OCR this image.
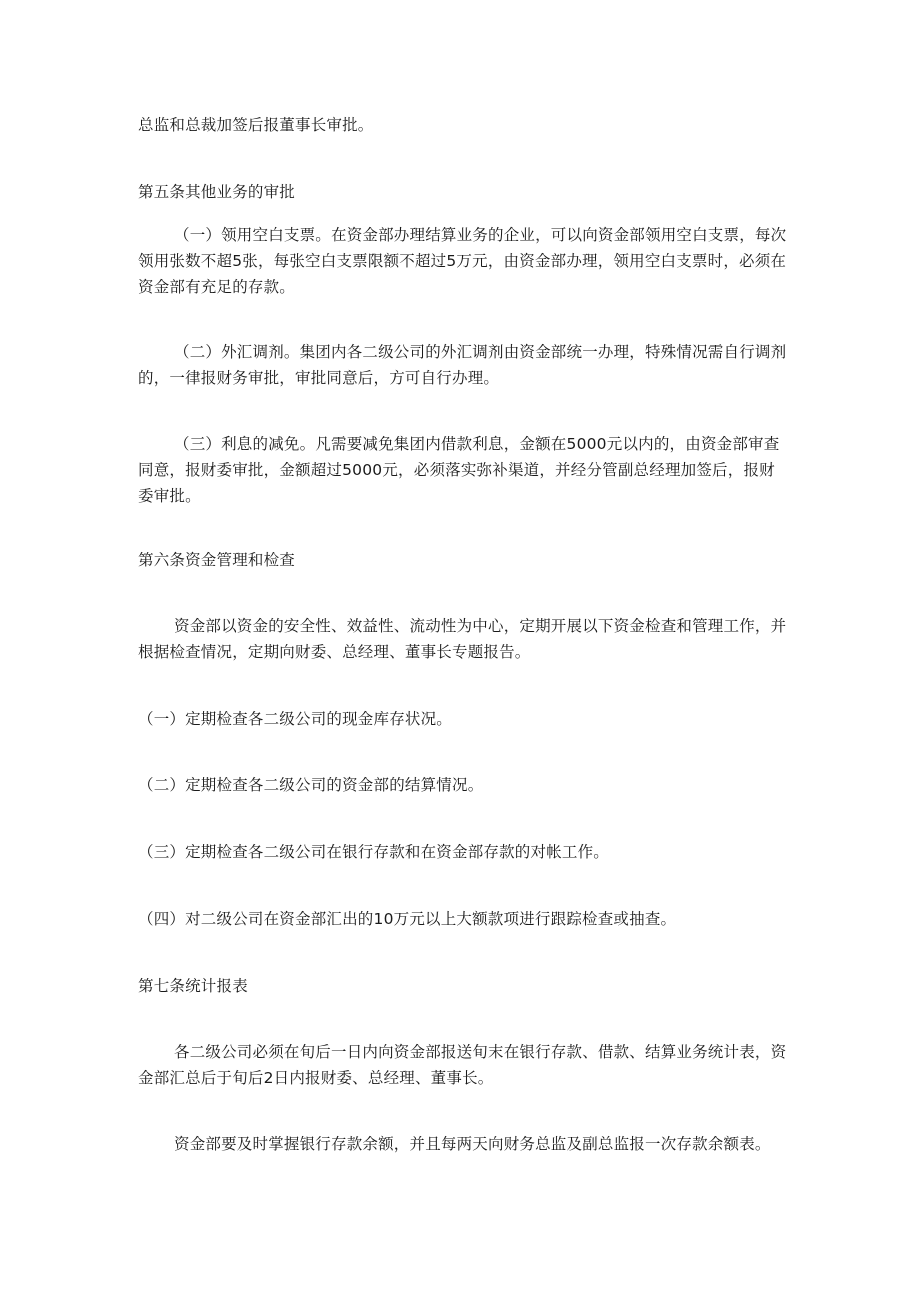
总监和总裁加签后报董事长审批。

第五条其他业务的审批

（一）领用空白支票。在资金部办理结算业务的企业，可以向资金部领用空白支票，每次领用张数不超5张，每张空白支票限额不超过5万元，由资金部办理，领用空白支票时，必须在资金部有充足的存款。

（二）外汇调剂。集团内各二级公司的外汇调剂由资金部统一办理，特殊情况需自行调剂的，一律报财务审批，审批同意后，方可自行办理。

（三）利息的减免。凡需要减免集团内借款利息，金额在5000元以内的，由资金部审查同意，报财委审批，金额超过5000元，必须落实弥补渠道，并经分管副总经理加签后，报财委审批。

第六条资金管理和检查

资金部以资金的安全性、效益性、流动性为中心，定期开展以下资金检查和管理工作，并根据检查情况，定期向财委、总经理、董事长专题报告。

（一）定期检查各二级公司的现金库存状况。

（二）定期检查各二级公司的资金部的结算情况。

（三）定期检查各二级公司在银行存款和在资金部存款的对帐工作。

（四）对二级公司在资金部汇出的10万元以上大额款项进行跟踪检查或抽查。

第七条统计报表

各二级公司必须在旬后一日内向资金部报送旬末在银行存款、借款、结算业务统计表，资金部汇总后于旬后2日内报财委、总经理、董事长。

资金部要及时掌握银行存款余额，并且每两天向财务总监及副总监报一次存款余额表。
